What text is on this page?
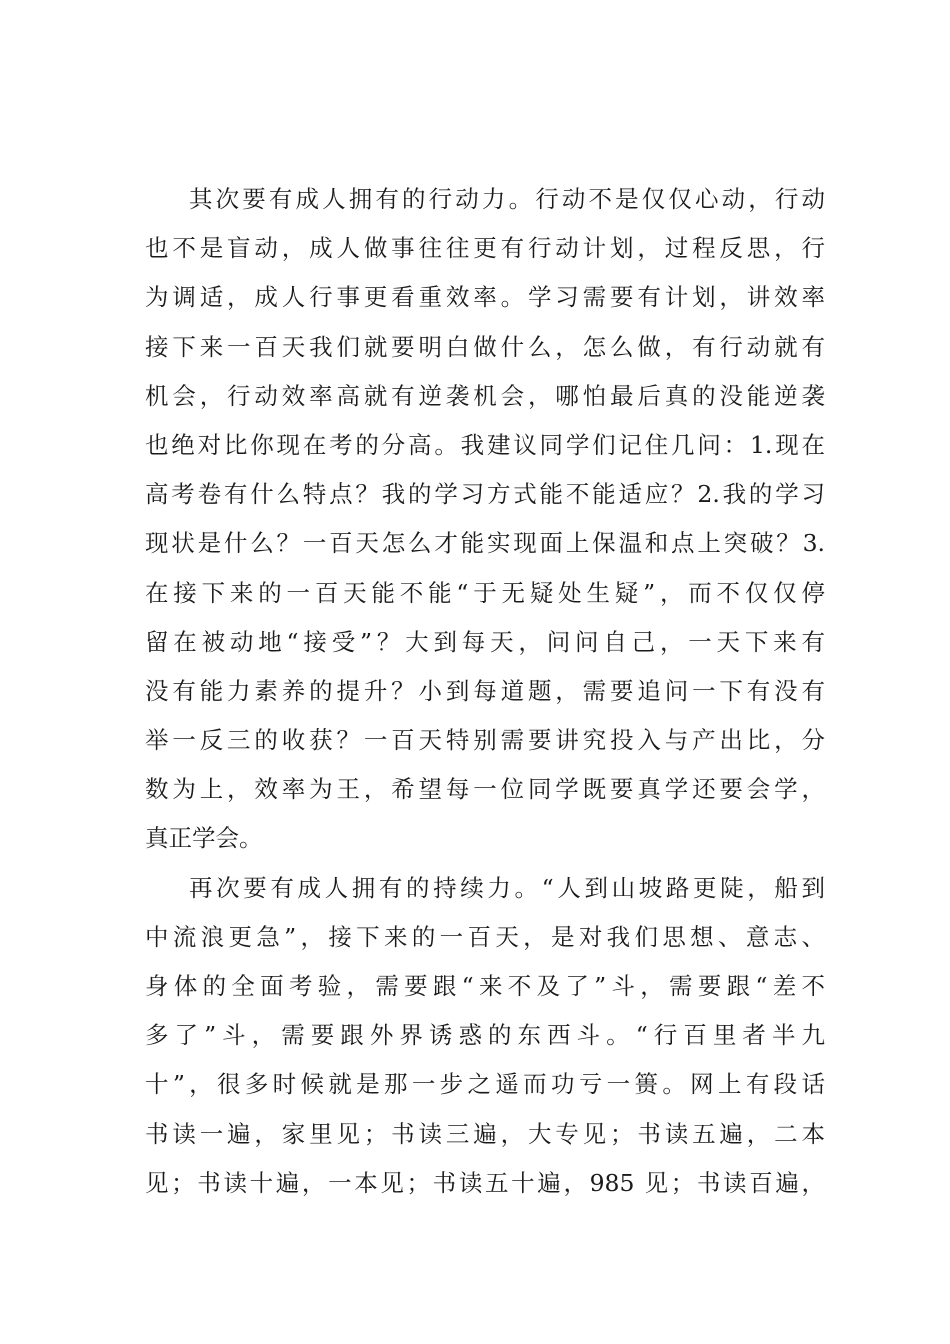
其次要有成人拥有的行动力。行动不是仅仅心动，行动
也不是盲动，成人做事往往更有行动计划，过程反思，行
为调适，成人行事更看重效率。学习需要有计划，讲效率
接下来一百天我们就要明白做什么，怎么做，有行动就有
机会，行动效率高就有逆袭机会，哪怕最后真的没能逆袭
也绝对比你现在考的分高。我建议同学们记住几问：1.现在
高考卷有什么特点？我的学习方式能不能适应？2.我的学习
现状是什么？一百天怎么才能实现面上保温和点上突破？3.
在接下来的一百天能不能“于无疑处生疑”，而不仅仅停
留在被动地“接受”？大到每天，问问自己，一天下来有
没有能力素养的提升？小到每道题，需要追问一下有没有
举一反三的收获？一百天特别需要讲究投入与产出比，分
数为上，效率为王，希望每一位同学既要真学还要会学，
真正学会。
再次要有成人拥有的持续力。“人到山坡路更陡，船到
中流浪更急”，接下来的一百天，是对我们思想、意志、
身体的全面考验，需要跟“来不及了”斗，需要跟“差不
多了”斗，需要跟外界诱惑的东西斗。“行百里者半九
十”，很多时候就是那一步之遥而功亏一篑。网上有段话
书读一遍，家里见；书读三遍，大专见；书读五遍，二本
见；书读十遍，一本见；书读五十遍，985 见；书读百遍，
